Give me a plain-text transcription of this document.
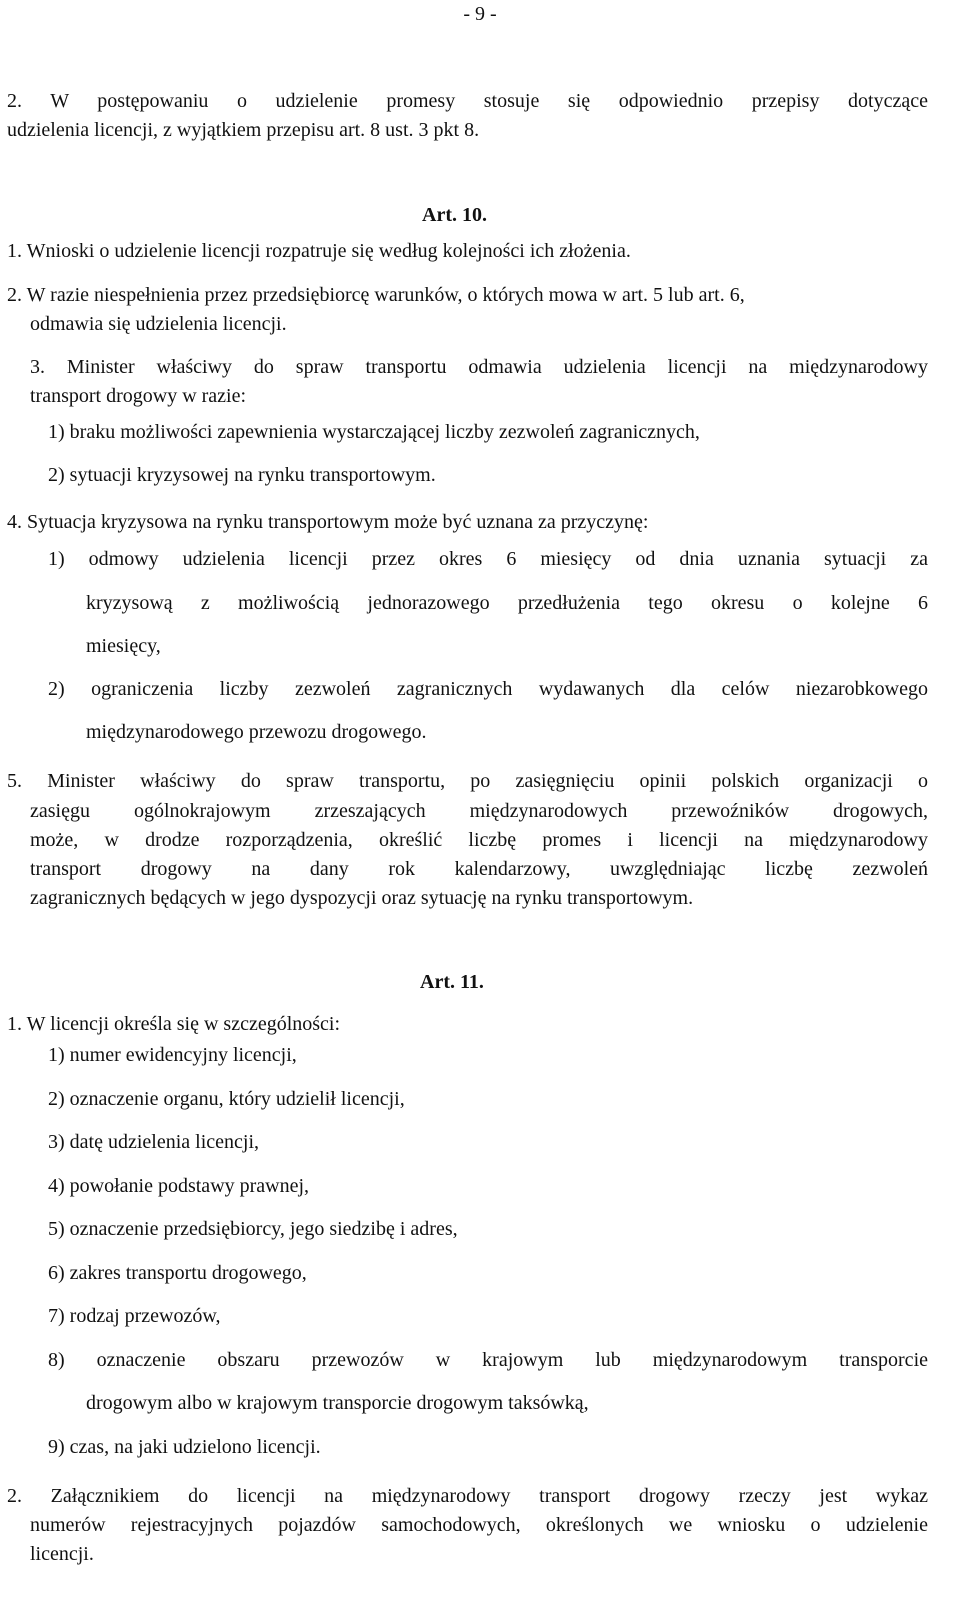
- 9 -
2. W postępowaniu o udzielenie promesy stosuje się odpowiednio przepisy dotyczące
udzielenia licencji, z wyjątkiem przepisu art. 8 ust. 3 pkt 8.
Art. 10.
1. Wnioski o udzielenie licencji rozpatruje się według kolejności ich złożenia.
2. W razie niespełnienia przez przedsiębiorcę warunków, o których mowa w art. 5 lub art. 6,
odmawia się udzielenia licencji.
3. Minister właściwy do spraw transportu odmawia udzielenia licencji na międzynarodowy
transport drogowy w razie:
1) braku możliwości zapewnienia wystarczającej liczby zezwoleń zagranicznych,
2) sytuacji kryzysowej na rynku transportowym.
4. Sytuacja kryzysowa na rynku transportowym może być uznana za przyczynę:
1) odmowy udzielenia licencji przez okres 6 miesięcy od dnia uznania sytuacji za
kryzysową z możliwością jednorazowego przedłużenia tego okresu o kolejne 6
miesięcy,
2) ograniczenia liczby zezwoleń zagranicznych wydawanych dla celów niezarobkowego
międzynarodowego przewozu drogowego.
5. Minister właściwy do spraw transportu, po zasięgnięciu opinii polskich organizacji o
zasięgu ogólnokrajowym zrzeszających międzynarodowych przewoźników drogowych,
może, w drodze rozporządzenia, określić liczbę promes i licencji na międzynarodowy
transport drogowy na dany rok kalendarzowy, uwzględniając liczbę zezwoleń
zagranicznych będących w jego dyspozycji oraz sytuację na rynku transportowym.
Art. 11.
1. W licencji określa się w szczególności:
1) numer ewidencyjny licencji,
2) oznaczenie organu, który udzielił licencji,
3) datę udzielenia licencji,
4) powołanie podstawy prawnej,
5) oznaczenie przedsiębiorcy, jego siedzibę i adres,
6) zakres transportu drogowego,
7) rodzaj przewozów,
8) oznaczenie obszaru przewozów w krajowym lub międzynarodowym transporcie
drogowym albo w krajowym transporcie drogowym taksówką,
9) czas, na jaki udzielono licencji.
2. Załącznikiem do licencji na międzynarodowy transport drogowy rzeczy jest wykaz
numerów rejestracyjnych pojazdów samochodowych, określonych we wniosku o udzielenie
licencji.
